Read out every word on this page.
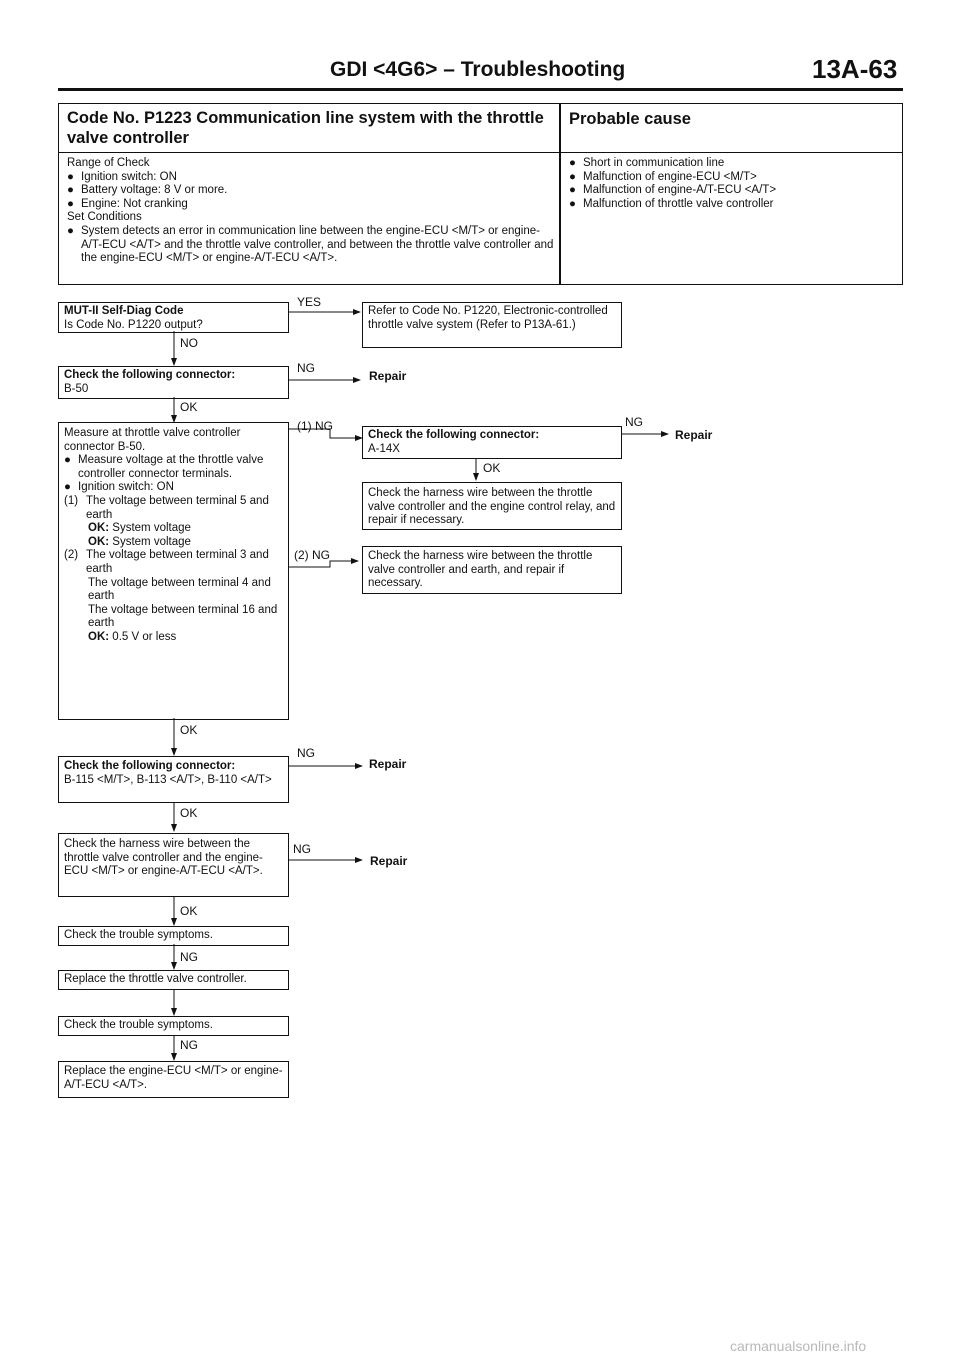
GDI <4G6> – Troubleshooting	13A-63
Code No. P1223 Communication line system with the throttle valve controller
Probable cause
Range of Check
● Ignition switch: ON
● Battery voltage: 8 V or more.
● Engine: Not cranking
Set Conditions
● System detects an error in communication line between the engine-ECU <M/T> or engine-A/T-ECU <A/T> and the throttle valve controller, and between the throttle valve controller and the engine-ECU <M/T> or engine-A/T-ECU <A/T>.
● Short in communication line
● Malfunction of engine-ECU <M/T>
● Malfunction of engine-A/T-ECU <A/T>
● Malfunction of throttle valve controller
YES
NO
NG
OK
(1) NG	NG
OK
(2) NG
OK
NG
OK
NG
OK
NG
NG
Repair
Repair
Repair
Repair
MUT-II Self-Diag Code
Is Code No. P1220 output?
Refer to Code No. P1220, Electronic-controlled throttle valve system (Refer to P13A-61.)
Check the following connector:
B-50
Measure at throttle valve controller connector B-50.
● Measure voltage at the throttle valve controller connector terminals.
● Ignition switch: ON
(1) The voltage between terminal 5 and earth
OK: System voltage
OK: System voltage
(2) The voltage between terminal 3 and earth
The voltage between terminal 4 and earth
The voltage between terminal 16 and earth
OK: 0.5 V or less
Check the following connector:
A-14X
Check the harness wire between the throttle valve controller and the engine control relay, and repair if necessary.
Check the harness wire between the throttle valve controller and earth, and repair if necessary.
Check the following connector:
B-115 <M/T>, B-113 <A/T>, B-110 <A/T>
Check the harness wire between the throttle valve controller and the engine-ECU <M/T> or engine-A/T-ECU <A/T>.
Check the trouble symptoms.
Replace the throttle valve controller.
Check the trouble symptoms.
Replace the engine-ECU <M/T> or engine-A/T-ECU <A/T>.
carmanualsonline.info
